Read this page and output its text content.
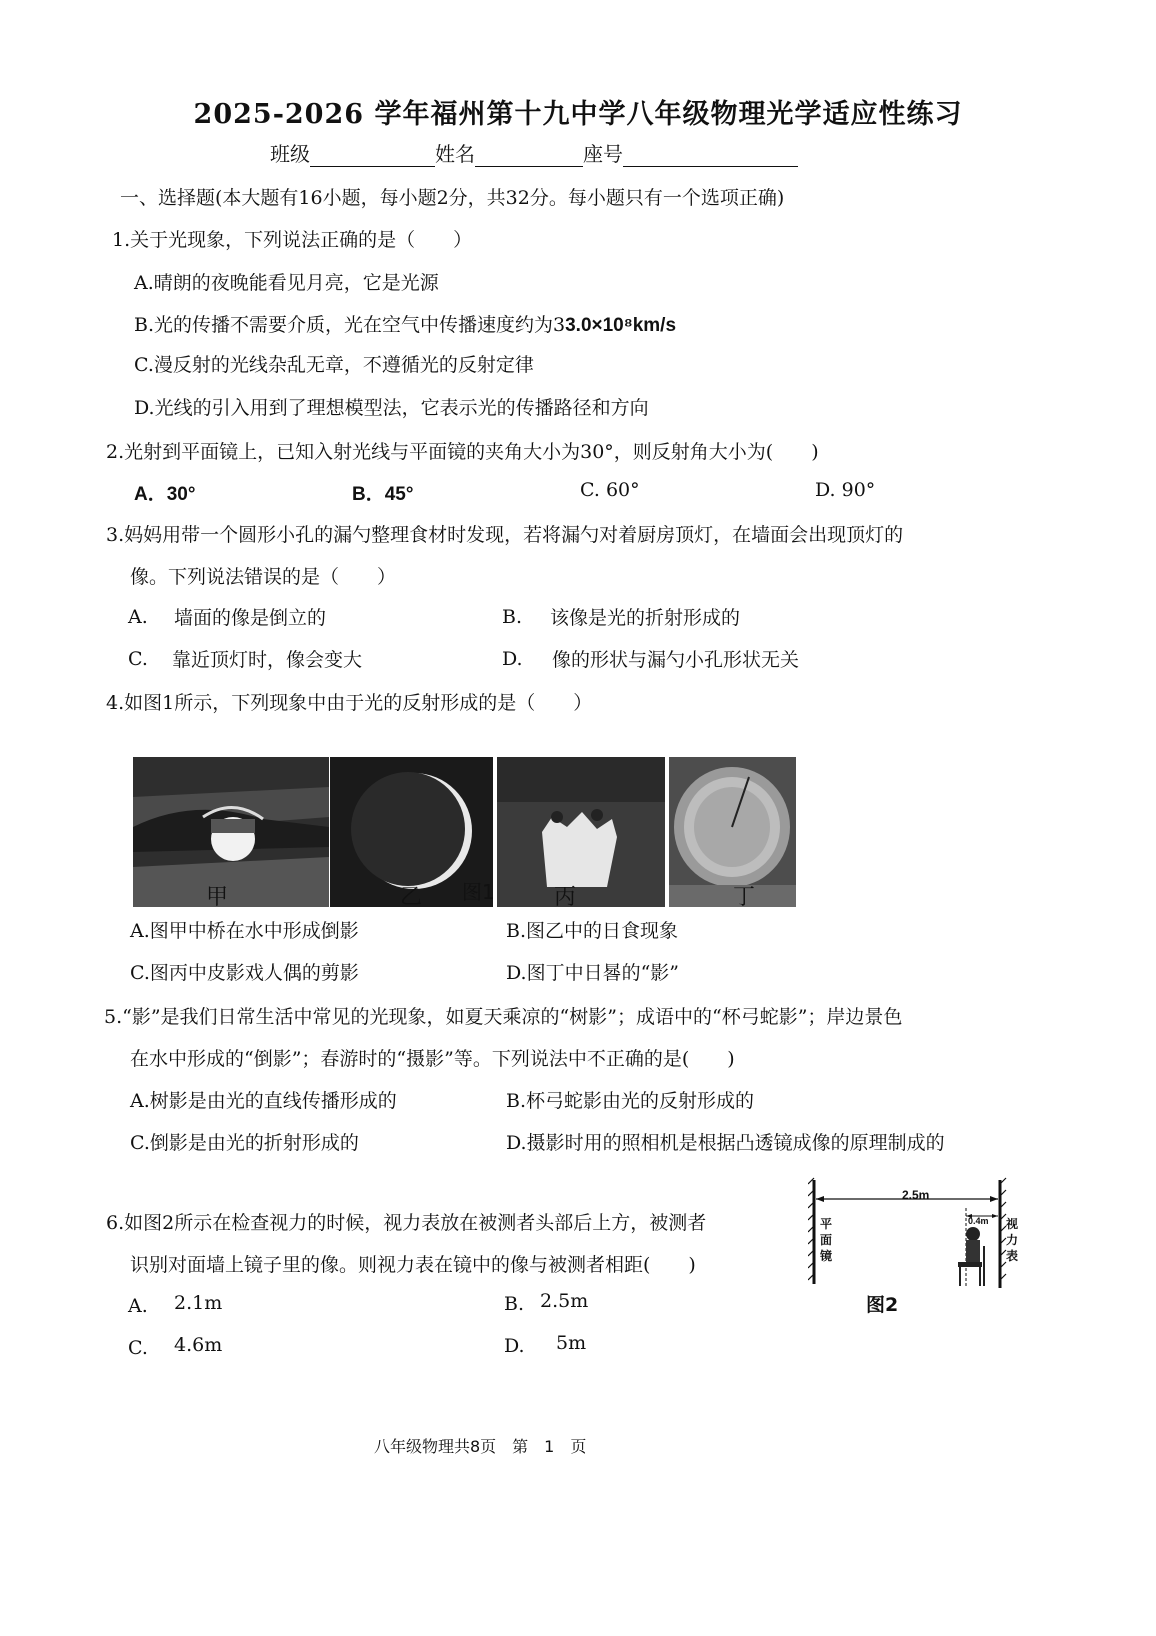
2025-2026 学年福州第十九中学八年级物理光学适应性练习
班级	姓名	座号
一、选择题(本大题有16小题，每小题2分，共32分。每小题只有一个选项正确)
1.关于光现象，下列说法正确的是（　　）
A.晴朗的夜晚能看见月亮，它是光源
B.光的传播不需要介质，光在空气中传播速度约为33.0×10⁸km/s
C.漫反射的光线杂乱无章，不遵循光的反射定律
D.光线的引入用到了理想模型法，它表示光的传播路径和方向
2.光射到平面镜上，已知入射光线与平面镜的夹角大小为30°，则反射角大小为(　　)
A．30°	B．45°	C. 60°	D. 90°
3.妈妈用带一个圆形小孔的漏勺整理食材时发现，若将漏勺对着厨房顶灯，在墙面会出现顶灯的
像。下列说法错误的是（　　）
A. 墙面的像是倒立的	B. 该像是光的折射形成的
C. 靠近顶灯时，像会变大	D. 像的形状与漏勺小孔形状无关
4.如图1所示，下列现象中由于光的反射形成的是（　　）
甲	乙 图1	丙	丁
A.图甲中桥在水中形成倒影	B.图乙中的日食现象
C.图丙中皮影戏人偶的剪影	D.图丁中日晷的“影”
5.“影”是我们日常生活中常见的光现象，如夏天乘凉的“树影”；成语中的“杯弓蛇影”；岸边景色
在水中形成的“倒影”；春游时的“摄影”等。下列说法中不正确的是(　　)
A.树影是由光的直线传播形成的	B.杯弓蛇影由光的反射形成的
C.倒影是由光的折射形成的	D.摄影时用的照相机是根据凸透镜成像的原理制成的
6.如图2所示在检查视力的时候，视力表放在被测者头部后上方，被测者
识别对面墙上镜子里的像。则视力表在镜中的像与被测者相距(　　)
A. 2.1m	B. 2.5m
C. 4.6m	D. 5m
2.5m
0.4m
平
面
镜
视
力
表
图2
八年级物理共8页　第　1　页
